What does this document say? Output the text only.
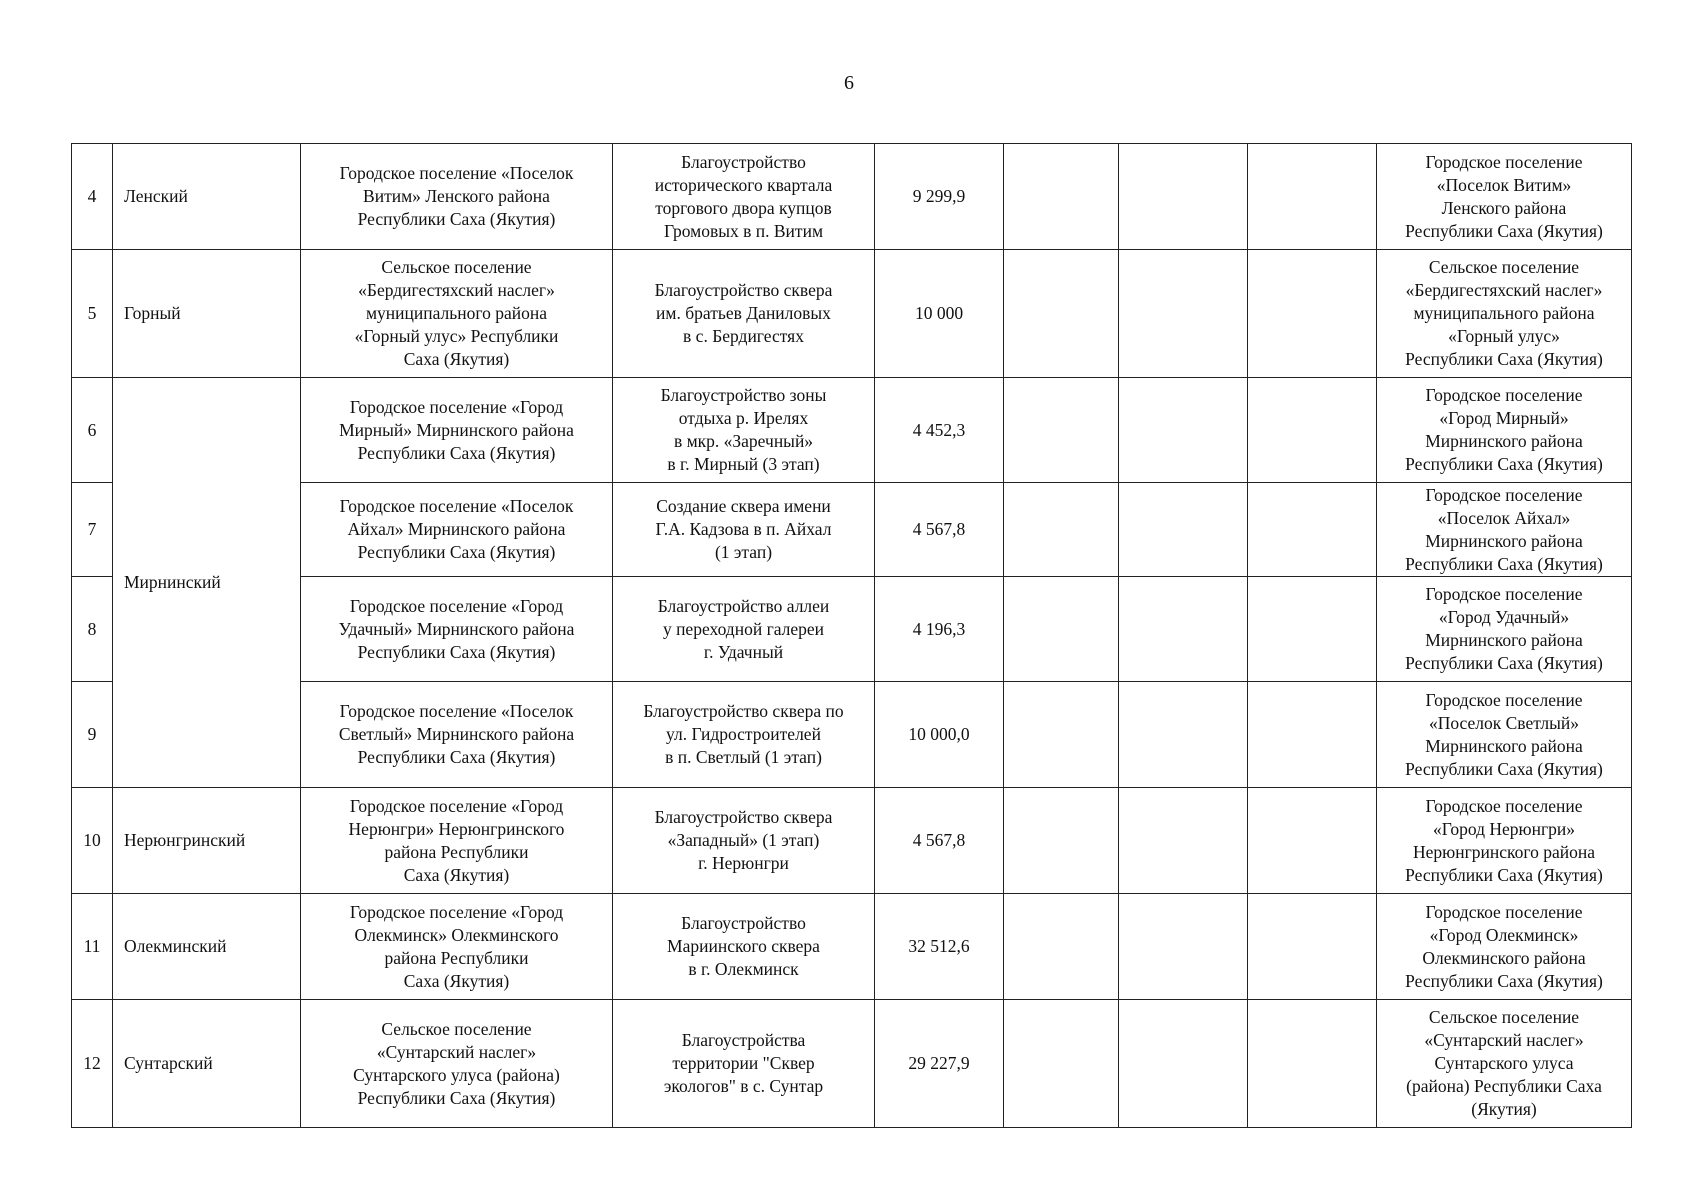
6
4	Ленский	Городское поселение «Поселок
Витим» Ленского района
Республики Саха (Якутия)	Благоустройство
исторического квартала
торгового двора купцов
Громовых в п. Витим	9 299,9				Городское поселение
«Поселок Витим»
Ленского района
Республики Саха (Якутия)
5	Горный	Сельское поселение
«Бердигестяхский наслег»
муниципального района
«Горный улус» Республики
Саха (Якутия)	Благоустройство сквера
им. братьев Даниловых
в с. Бердигестях	10 000				Сельское поселение
«Бердигестяхский наслег»
муниципального района
«Горный улус»
Республики Саха (Якутия)
6	Мирнинский	Городское поселение «Город
Мирный» Мирнинского района
Республики Саха (Якутия)	Благоустройство зоны
отдыха р. Ирелях
в мкр. «Заречный»
в г. Мирный (3 этап)	4 452,3				Городское поселение
«Город Мирный»
Мирнинского района
Республики Саха (Якутия)
7		Городское поселение «Поселок
Айхал» Мирнинского района
Республики Саха (Якутия)	Создание сквера имени
Г.А. Кадзова в п. Айхал
(1 этап)	4 567,8				Городское поселение
«Поселок Айхал»
Мирнинского района
Республики Саха (Якутия)
8		Городское поселение «Город
Удачный» Мирнинского района
Республики Саха (Якутия)	Благоустройство аллеи
у переходной галереи
г. Удачный	4 196,3				Городское поселение
«Город Удачный»
Мирнинского района
Республики Саха (Якутия)
9		Городское поселение «Поселок
Светлый» Мирнинского района
Республики Саха (Якутия)	Благоустройство сквера по
ул. Гидростроителей
в п. Светлый (1 этап)	10 000,0				Городское поселение
«Поселок Светлый»
Мирнинского района
Республики Саха (Якутия)
10	Нерюнгринский	Городское поселение «Город
Нерюнгри» Нерюнгринского
района Республики
Саха (Якутия)	Благоустройство сквера
«Западный» (1 этап)
г. Нерюнгри	4 567,8				Городское поселение
«Город Нерюнгри»
Нерюнгринского района
Республики Саха (Якутия)
11	Олекминский	Городское поселение «Город
Олекминск» Олекминского
района Республики
Саха (Якутия)	Благоустройство
Мариинского сквера
в г. Олекминск	32 512,6				Городское поселение
«Город Олекминск»
Олекминского района
Республики Саха (Якутия)
12	Сунтарский	Сельское поселение
«Сунтарский наслег»
Сунтарского улуса (района)
Республики Саха (Якутия)	Благоустройства
территории "Сквер
экологов" в с. Сунтар	29 227,9				Сельское поселение
«Сунтарский наслег»
Сунтарского улуса
(района) Республики Саха
(Якутия)
